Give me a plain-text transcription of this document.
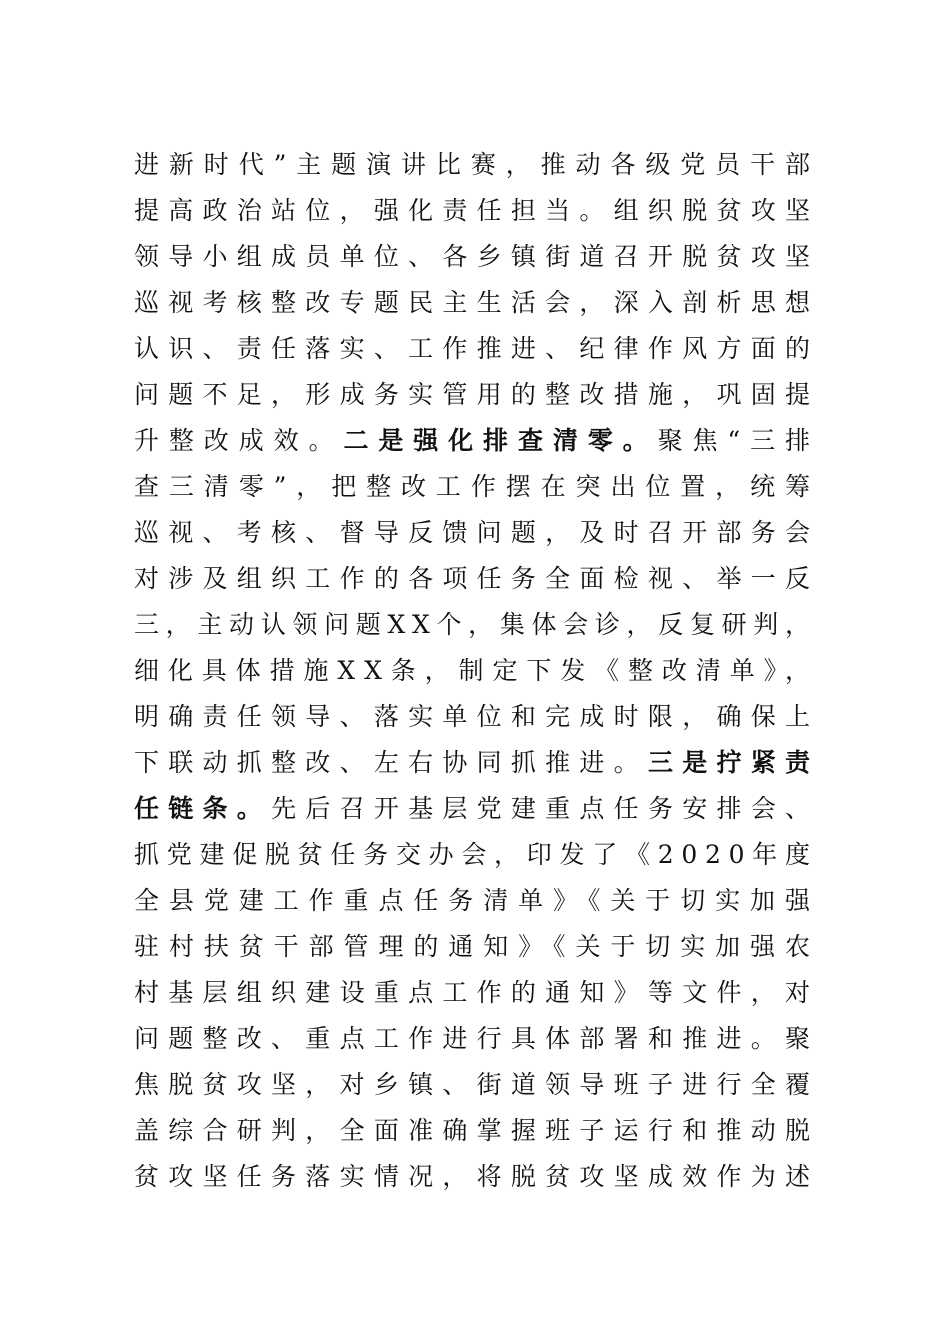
进新时代”主题演讲比赛，推动各级党员干部
提高政治站位，强化责任担当。组织脱贫攻坚
领导小组成员单位、各乡镇街道召开脱贫攻坚
巡视考核整改专题民主生活会，深入剖析思想
认识、责任落实、工作推进、纪律作风方面的
问题不足，形成务实管用的整改措施，巩固提
升整改成效。二是强化排查清零。聚焦“三排
查三清零”，把整改工作摆在突出位置，统筹
巡视、考核、督导反馈问题，及时召开部务会
对涉及组织工作的各项任务全面检视、举一反
三，主动认领问题XX个，集体会诊，反复研判，
细化具体措施XX条，制定下发《整改清单》，
明确责任领导、落实单位和完成时限，确保上
下联动抓整改、左右协同抓推进。三是拧紧责
任链条。先后召开基层党建重点任务安排会、
抓党建促脱贫任务交办会，印发了《2020年度
全县党建工作重点任务清单》《关于切实加强
驻村扶贫干部管理的通知》《关于切实加强农
村基层组织建设重点工作的通知》等文件，对
问题整改、重点工作进行具体部署和推进。聚
焦脱贫攻坚，对乡镇、街道领导班子进行全覆
盖综合研判，全面准确掌握班子运行和推动脱
贫攻坚任务落实情况，将脱贫攻坚成效作为述
